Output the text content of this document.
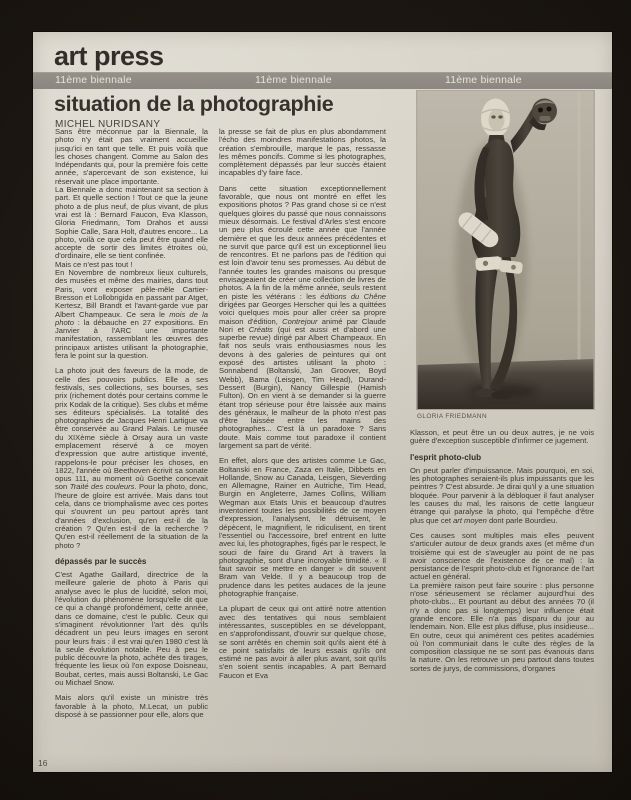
art press
11ème biennale	11ème biennale	11ème biennale
situation de la photographie
MICHEL NURIDSANY

Sans être méconnue par la Biennale, la photo n'y était pas vraiment accueillie jusqu'ici en tant que telle. Et puis voilà que les choses changent. Comme au Salon des Indépendants qui, pour la première fois cette année, s'apercevant de son existence, lui réservait une place importante.

La Biennale a donc maintenant sa section à part. Et quelle section ! Tout ce que la jeune photo a de plus neuf, de plus vivant, de plus vrai est là : Bernard Faucon, Eva Klasson, Gloria Friedmann, Tom Drahos et aussi Sophie Calle, Sara Holt, d'autres encore... La photo, voilà ce que cela peut être quand elle accepte de sortir des limites étroites où, d'ordinaire, elle se tient confinée.

Mais ce n'est pas tout !

En Novembre de nombreux lieux culturels, des musées et même des mairies, dans tout Paris, vont exposer pêle-mêle Cartier-Bresson et Lollobrigida en passant par Atget, Kertesz, Bill Brandt et l'avant-garde vue par Albert Champeaux. Ce sera le mois de la photo : la débauche en 27 expositions. En Janvier à l'ARC une importante manifestation, rassemblant les œuvres des principaux artistes utilisant la photographie, fera le point sur la question.

La photo jouit des faveurs de la mode, de celle des pouvoirs publics. Elle a ses festivals, ses collections, ses bourses, ses prix (richement dotés pour certains comme le prix Kodak de la critique). Ses clubs et même ses éditeurs spécialisés. La totalité des photographies de Jacques Henri Lartigue va être conservée au Grand Palais. Le musée du XIXème siècle à Orsay aura un vaste emplacement réservé à ce moyen d'expression que autre artistique inventé, rappelons-le pour préciser les choses, en 1822, l'année où Beethoven écrivit sa sonate opus 111, au moment où Goethe concevait son Traité des couleurs. Pour la photo, donc, l'heure de gloire est arrivée. Mais dans tout cela, dans ce triomphalisme avec ces portes qui s'ouvrent un peu partout après tant d'années d'exclusion, qu'en est-il de la création ? Qu'en est-il de la recherche ? Qu'en est-il réellement de la situation de la photo ?

dépassés par le succès

C'est Agathe Gaillard, directrice de la meilleure galerie de photo à Paris qui analyse avec le plus de lucidité, selon moi, l'évolution du phénomène lorsqu'elle dit que ce qui a changé profondément, cette année, dans ce domaine, c'est le public. Ceux qui s'imaginent révolutionner l'art dès qu'ils décadrent un peu leurs images en seront pour leurs frais : il est vrai qu'en 1980 c'est là la seule évolution notable. Peu à peu le public découvre la photo, achète des tirages, fréquente les lieux où l'on expose Doisneau, Boubat, certes, mais aussi Boltanski, Le Gac ou Michael Snow.

Mais alors qu'il existe un ministre très favorable à la photo, M.Lecat, un public disposé à se passionner pour elle, alors que

la presse se fait de plus en plus abondamment l'écho des moindres manifestations photos, la création s'embrouille, marque le pas, ressasse les mêmes poncifs. Comme si les photographes, complètement dépassés par leur succès étaient incapables d'y faire face.

Dans cette situation exceptionnellement favorable, que nous ont montré en effet les expositions photos ? Pas grand chose si ce n'est quelques gloires du passé que nous connaissons mieux désormais. Le festival d'Arles s'est encore un peu plus écroulé cette année que l'année dernière et que les deux années précédentes et ne survit que parce qu'il est un exceptionnel lieu de rencontres. Et ne parlons pas de l'édition qui est loin d'avoir tenu ses promesses. Au début de l'année toutes les grandes maisons ou presque envisageaient de créer une collection de livres de photos. A la fin de la même année, seuls restent en piste les vétérans : les éditions du Chêne dirigées par Georges Herscher qui les a quittées voici quelques mois pour aller créer sa propre maison d'édition, Contrejour animé par Claude Nori et Créatis (qui est aussi et d'abord une superbe revue) dirigé par Albert Champeaux. En fait nos seuls vrais enthousiasmes nous les devons à des galeries de peintures qui ont exposé des artistes utilisant la photo : Sonnabend (Boltanski, Jan Groover, Boyd Webb), Bama (Leisgen, Tim Head), Durand-Dessert (Burgin), Nancy Gillespie (Hamish Fulton). On en vient à se demander si la guerre étant trop sérieuse pour être laissée aux mains des généraux, le malheur de la photo n'est pas d'être laissée entre les mains des photographes... C'est là un paradoxe ? Sans doute. Mais comme tout paradoxe il contient largement sa part de vérité.

En effet, alors que des artistes comme Le Gac, Boltanski en France, Zaza en Italie, Dibbets en Hollande, Snow au Canada, Leisgen, Sieverding en Allemagne, Rainer en Autriche, Tim Head, Burgin en Angleterre, James Collins, William Wegman aux Etats Unis et beaucoup d'autres inventorient toutes les possibilités de ce moyen d'expression, l'analysent, le détruisent, le dépècent, le magnifient, le ridiculisent, en tirent l'essentiel ou l'accessoire, bref entrent en lutte avec lui, les photographes, figés par le respect, le souci de faire du Grand Art à travers la photographie, sont d'une incroyable timidité. « Il faut savoir se mettre en danger » dit souvent Bram van Velde. Il y a beaucoup trop de prudence dans les petites audaces de la jeune photographie française.

La plupart de ceux qui ont attiré notre attention avec des tentatives qui nous semblaient intéressantes, susceptibles en se développant, en s'approfondissant, d'ouvrir sur quelque chose, se sont arrêtés en chemin soit qu'ils aient été à ce point satisfaits de leurs essais qu'ils ont estimé ne pas avoir à aller plus avant, soit qu'ils s'en soient sentis incapables. A part Bernard Faucon et Eva

GLORIA FRIEDMANN

Klasson, et peut être un ou deux autres, je ne vois guère d'exception susceptible d'infirmer ce jugement.

l'esprit photo-club

On peut parler d'impuissance. Mais pourquoi, en soi, les photographes seraient-ils plus impuissants que les peintres ? C'est absurde. Je dirai qu'il y a une situation bloquée. Pour parvenir à la débloquer il faut analyser les causes du mal, les raisons de cette langueur étrange qui paralyse la photo, qui l'empêche d'être plus que cet art moyen dont parle Bourdieu.

Ces causes sont multiples mais elles peuvent s'articuler autour de deux grands axes (et même d'un troisième qui est de s'aveugler au point de ne pas avoir conscience de l'existence de ce mal) : la persistance de l'esprit photo-club et l'ignorance de l'art actuel en général.

La première raison peut faire sourire : plus personne n'ose sérieusement se réclamer aujourd'hui des photo-clubs... Et pourtant au début des années 70 (il n'y a donc pas si longtemps) leur influence était grande encore. Elle n'a pas disparu du jour au lendemain. Non. Elle est plus diffuse, plus insidieuse... En outre, ceux qui animèrent ces petites académies où l'on communiait dans le culte des règles de la composition classique ne se sont pas évanouis dans la nature. On les retrouve un peu partout dans toutes sortes de jurys, de commissions, d'organes

16
